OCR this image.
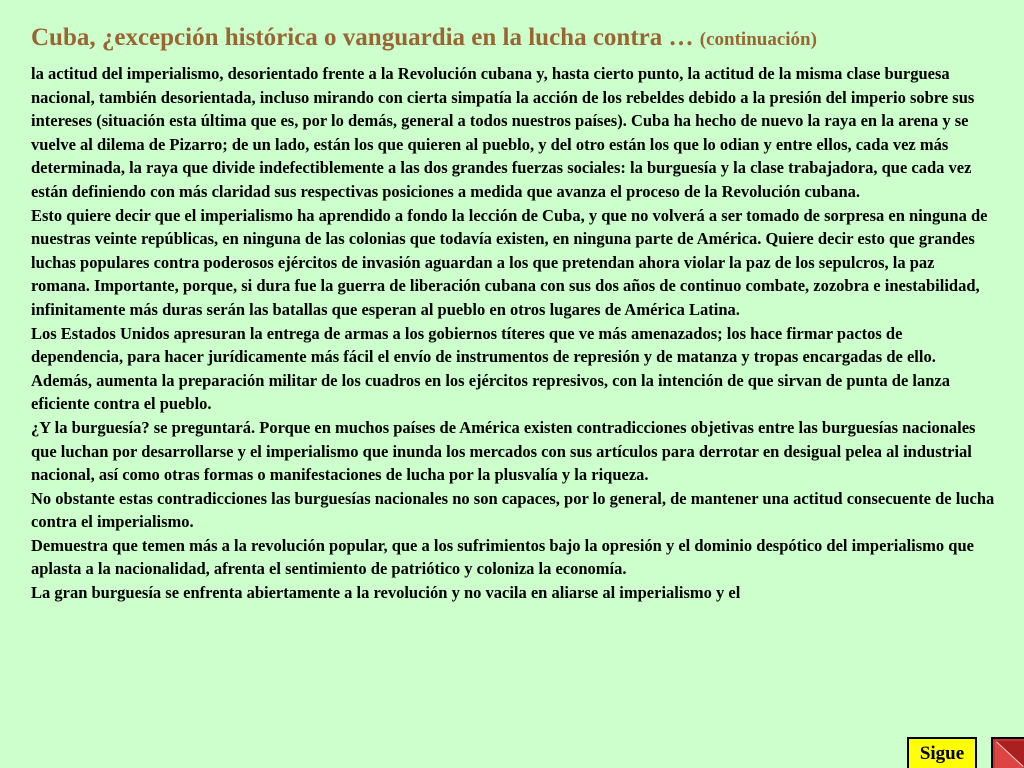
Cuba, ¿excepción histórica o vanguardia en la lucha contra … (continuación)

la actitud del imperialismo, desorientado frente a la Revolución cubana y, hasta cierto punto, la actitud de la misma clase burguesa nacional, también desorientada, incluso mirando con cierta simpatía la acción de los rebeldes debido a la presión del imperio sobre sus intereses (situación esta última que es, por lo demás, general a todos nuestros países). Cuba ha hecho de nuevo la raya en la arena y se vuelve al dilema de Pizarro; de un lado, están los que quieren al pueblo, y del otro están los que lo odian y entre ellos, cada vez más determinada, la raya que divide indefectiblemente a las dos grandes fuerzas sociales: la burguesía y la clase trabajadora, que cada vez están definiendo con más claridad sus respectivas posiciones a medida que avanza el proceso de la Revolución cubana.

Esto quiere decir que el imperialismo ha aprendido a fondo la lección de Cuba, y que no volverá a ser tomado de sorpresa en ninguna de nuestras veinte repúblicas, en ninguna de las colonias que todavía existen, en ninguna parte de América. Quiere decir esto que grandes luchas populares contra poderosos ejércitos de invasión aguardan a los que pretendan ahora violar la paz de los sepulcros, la paz romana. Importante, porque, si dura fue la guerra de liberación cubana con sus dos años de continuo combate, zozobra e inestabilidad, infinitamente más duras serán las batallas que esperan al pueblo en otros lugares de América Latina.

Los Estados Unidos apresuran la entrega de armas a los gobiernos títeres que ve más amenazados; los hace firmar pactos de dependencia, para hacer jurídicamente más fácil el envío de instrumentos de represión y de matanza y tropas encargadas de ello. Además, aumenta la preparación militar de los cuadros en los ejércitos represivos, con la intención de que sirvan de punta de lanza eficiente contra el pueblo.

¿Y la burguesía? se preguntará. Porque en muchos países de América existen contradicciones objetivas entre las burguesías nacionales que luchan por desarrollarse y el imperialismo que inunda los mercados con sus artículos para derrotar en desigual pelea al industrial nacional, así como otras formas o manifestaciones de lucha por la plusvalía y la riqueza.

No obstante estas contradicciones las burguesías nacionales no son capaces, por lo general, de mantener una actitud consecuente de lucha contra el imperialismo.

Demuestra que temen más a la revolución popular, que a los sufrimientos bajo la opresión y el dominio despótico del imperialismo que aplasta a la nacionalidad, afrenta el sentimiento de patriótico y coloniza la economía.

La gran burguesía se enfrenta abiertamente a la revolución y no vacila en aliarse al imperialismo y el

Sigue
